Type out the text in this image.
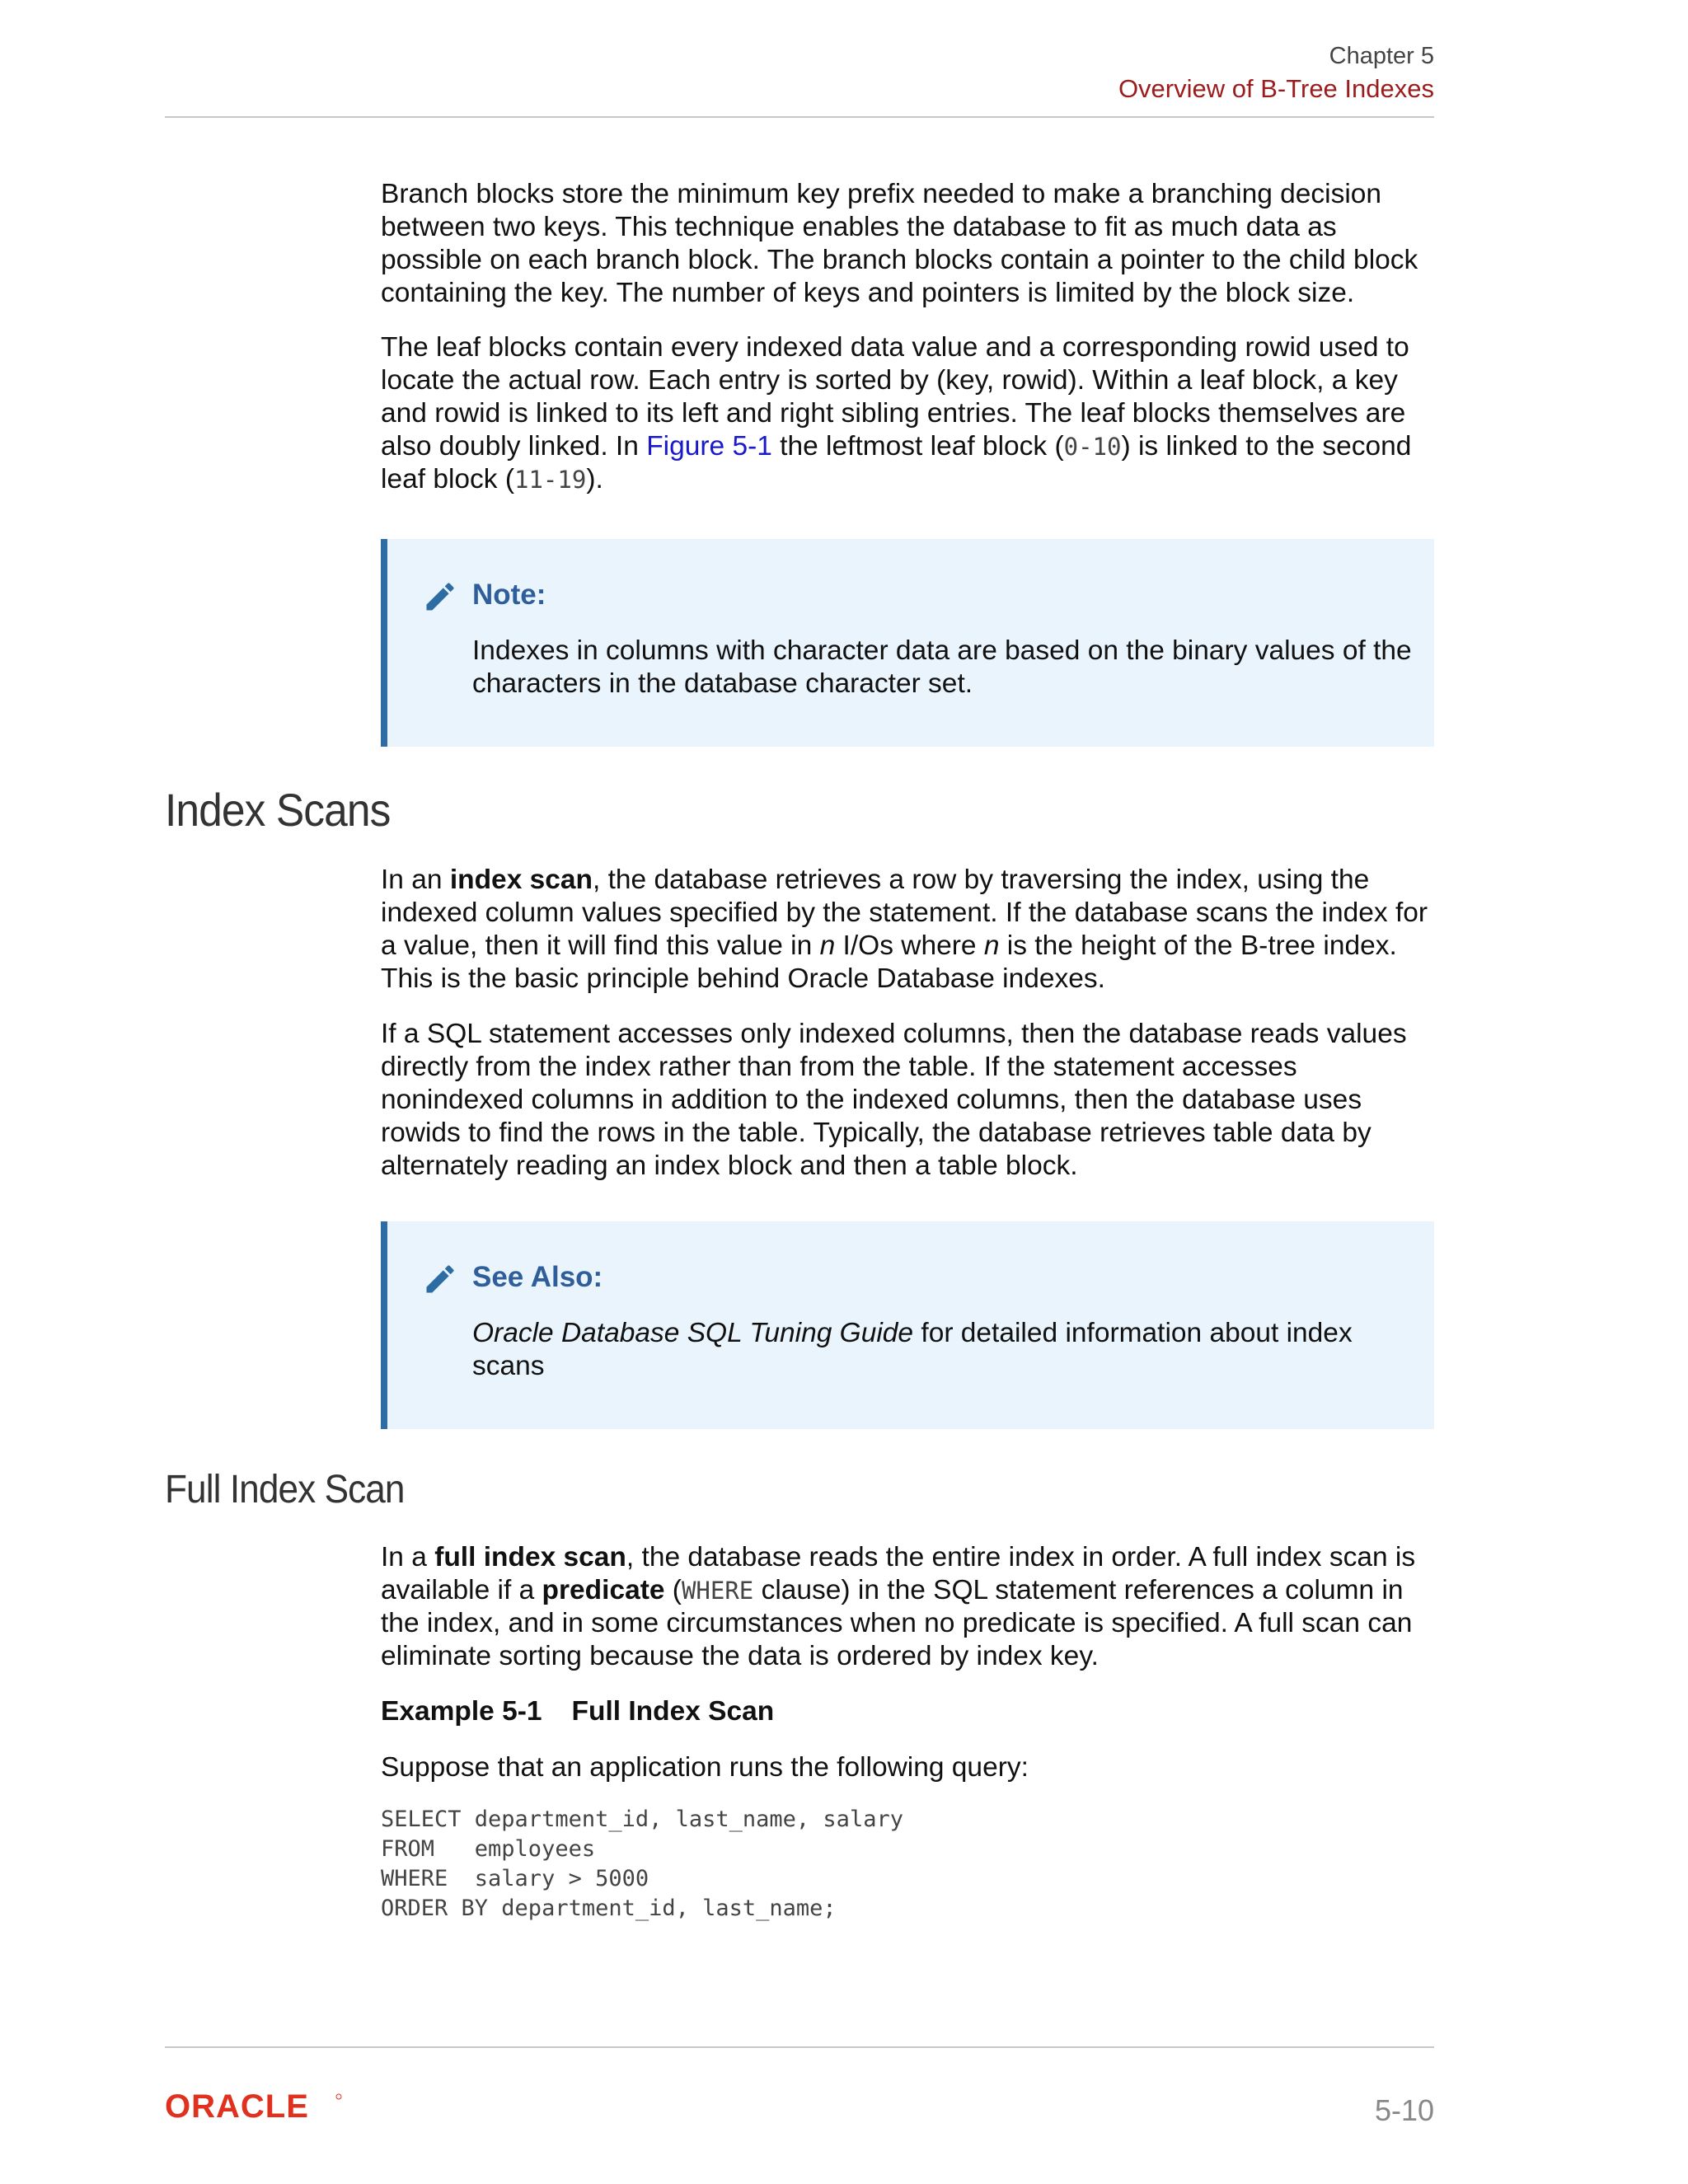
Chapter 5
Overview of B-Tree Indexes
Branch blocks store the minimum key prefix needed to make a branching decision between two keys. This technique enables the database to fit as much data as possible on each branch block. The branch blocks contain a pointer to the child block containing the key. The number of keys and pointers is limited by the block size.
The leaf blocks contain every indexed data value and a corresponding rowid used to locate the actual row. Each entry is sorted by (key, rowid). Within a leaf block, a key and rowid is linked to its left and right sibling entries. The leaf blocks themselves are also doubly linked. In Figure 5-1 the leftmost leaf block (0-10) is linked to the second leaf block (11-19).
Note:
Indexes in columns with character data are based on the binary values of the characters in the database character set.
Index Scans
In an index scan, the database retrieves a row by traversing the index, using the indexed column values specified by the statement. If the database scans the index for a value, then it will find this value in n I/Os where n is the height of the B-tree index. This is the basic principle behind Oracle Database indexes.
If a SQL statement accesses only indexed columns, then the database reads values directly from the index rather than from the table. If the statement accesses nonindexed columns in addition to the indexed columns, then the database uses rowids to find the rows in the table. Typically, the database retrieves table data by alternately reading an index block and then a table block.
See Also:
Oracle Database SQL Tuning Guide for detailed information about index scans
Full Index Scan
In a full index scan, the database reads the entire index in order. A full index scan is available if a predicate (WHERE clause) in the SQL statement references a column in the index, and in some circumstances when no predicate is specified. A full scan can eliminate sorting because the data is ordered by index key.
Example 5-1 Full Index Scan
Suppose that an application runs the following query:
SELECT department_id, last_name, salary
FROM   employees
WHERE  salary > 5000
ORDER BY department_id, last_name;
ORACLE	5-10
